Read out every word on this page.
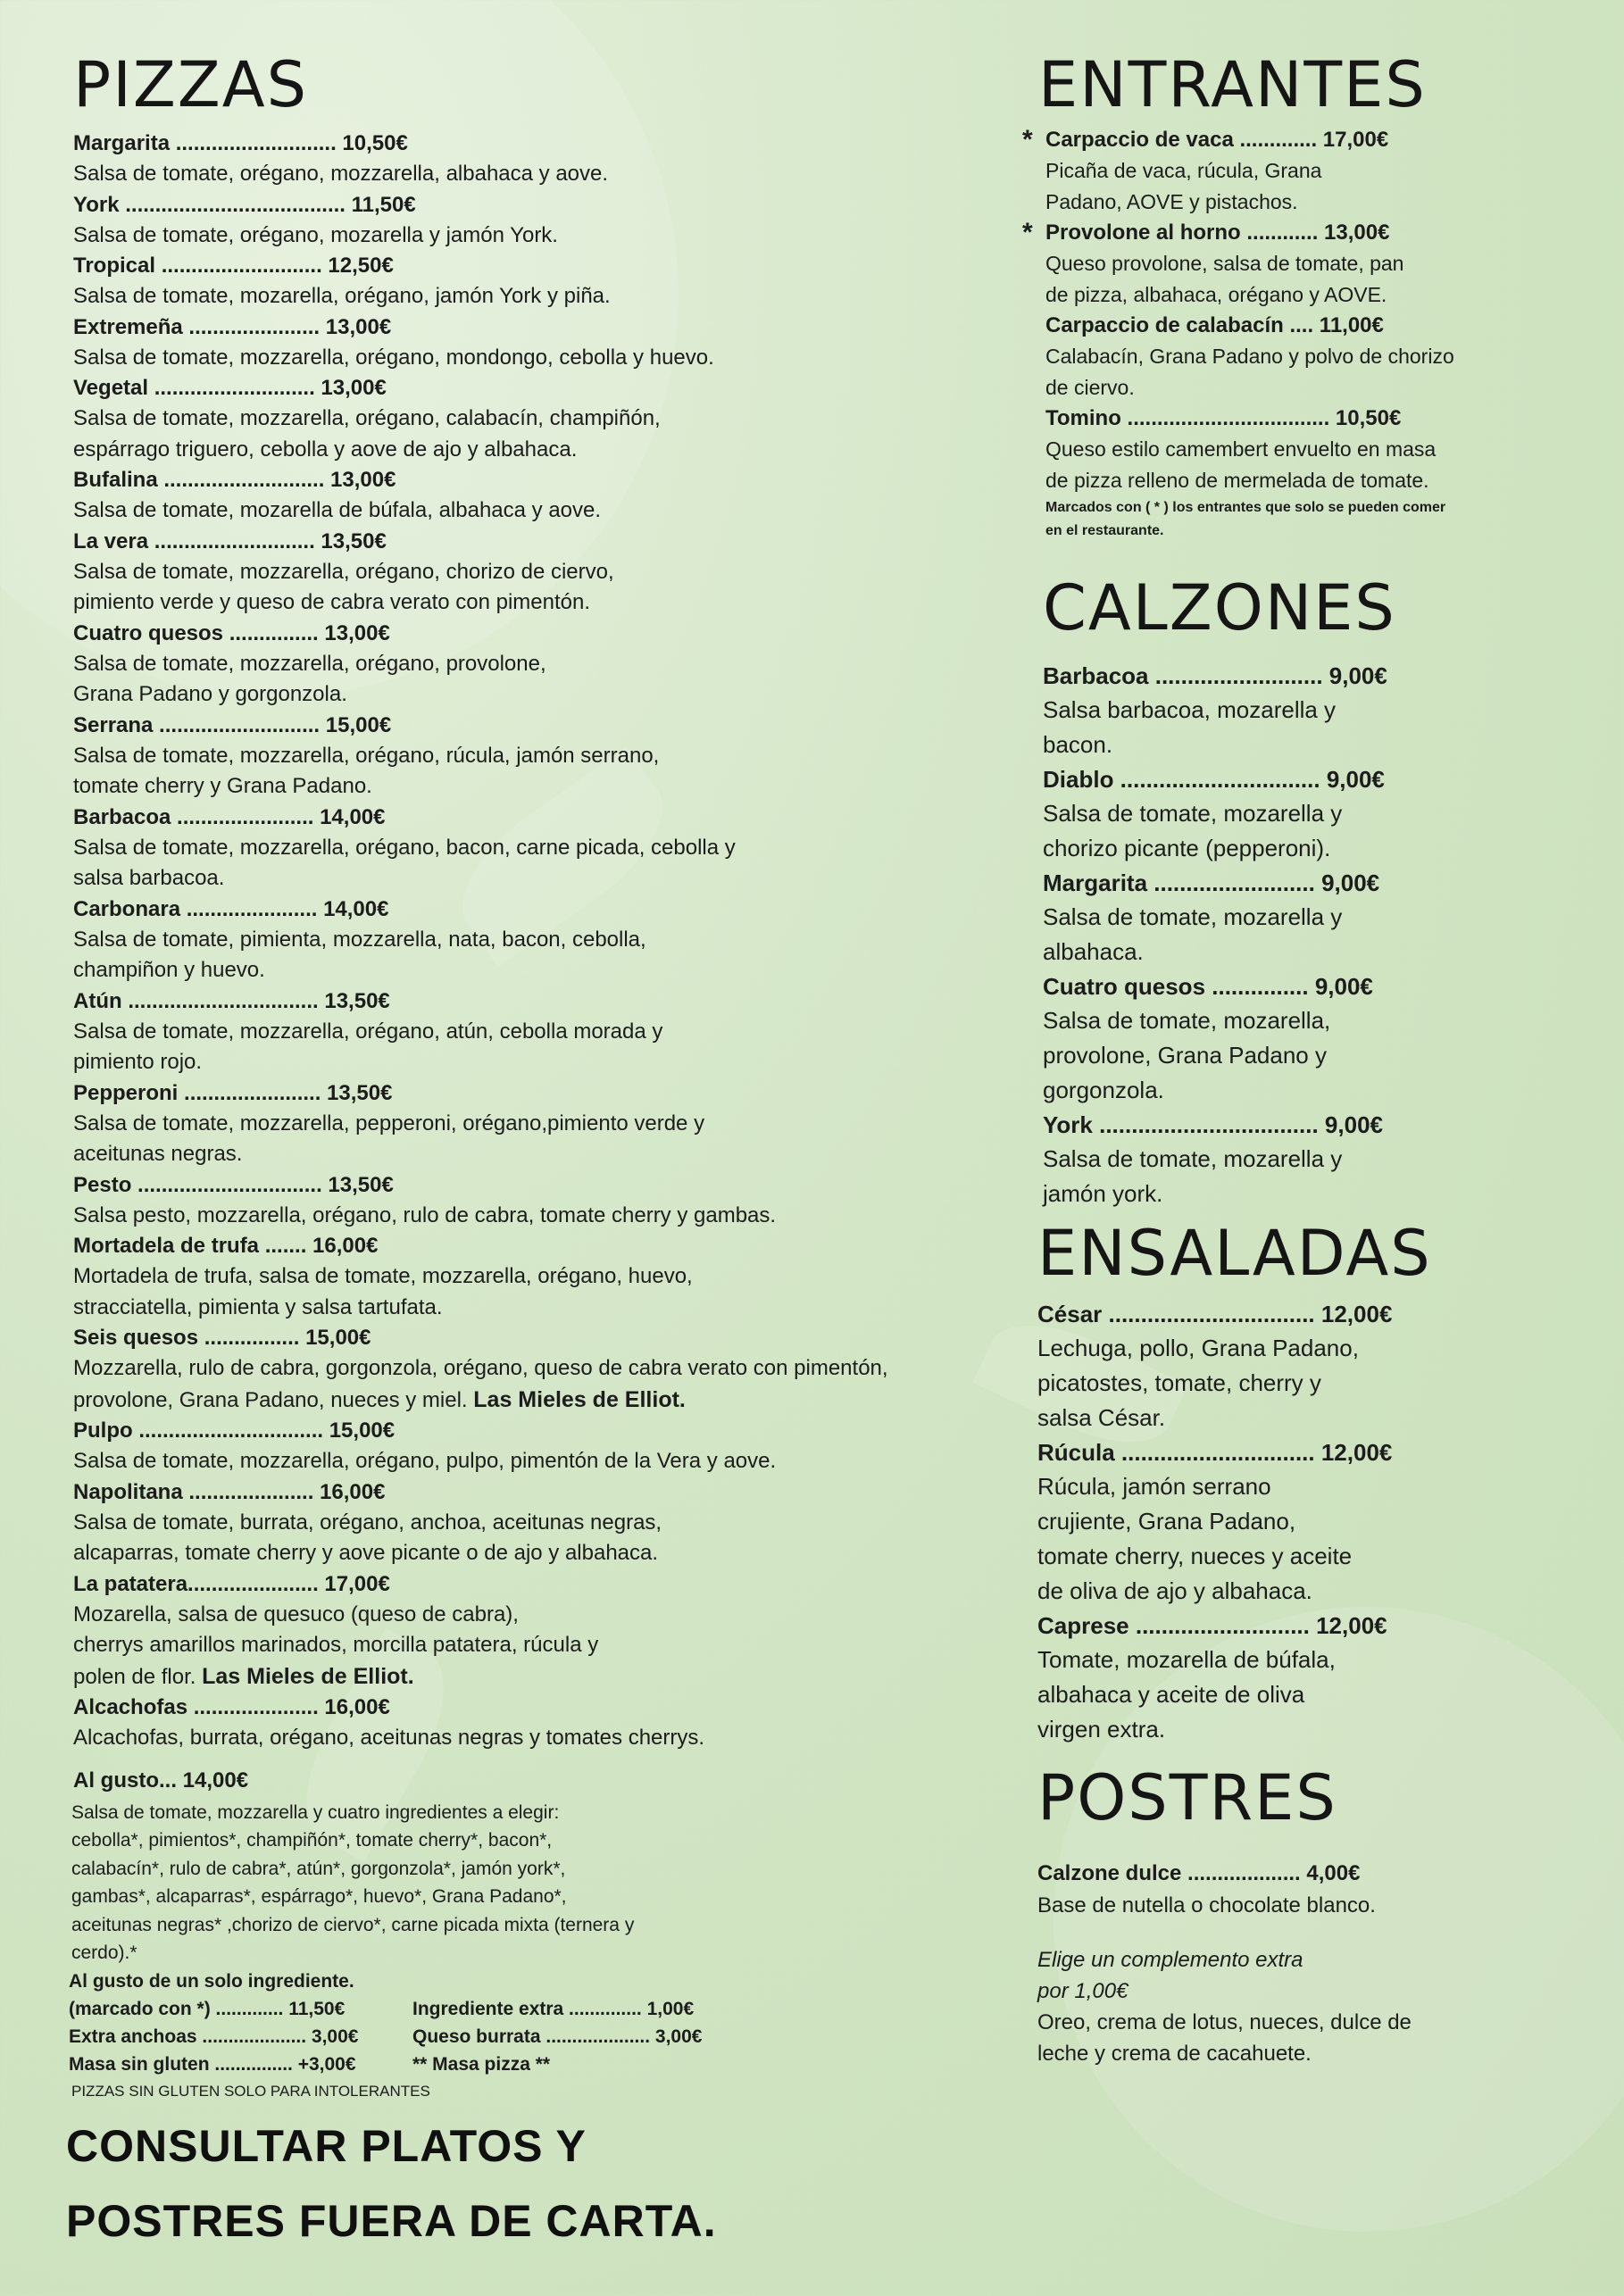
PIZZAS
Margarita ........................... 10,50€
Salsa de tomate, orégano, mozzarella, albahaca y aove.
York ..................................... 11,50€
Salsa de tomate, orégano, mozarella y jamón York.
Tropical ........................... 12,50€
Salsa de tomate, mozarella, orégano, jamón York y piña.
Extremeña ...................... 13,00€
Salsa de tomate, mozzarella, orégano, mondongo, cebolla y huevo.
Vegetal ........................... 13,00€
Salsa de tomate, mozzarella, orégano, calabacín, champiñón,
espárrago triguero, cebolla y aove de ajo y albahaca.
Bufalina ........................... 13,00€
Salsa de tomate, mozarella de búfala, albahaca y aove.
La vera ........................... 13,50€
Salsa de tomate, mozzarella, orégano, chorizo de ciervo,
pimiento verde y queso de cabra verato con pimentón.
Cuatro quesos ............... 13,00€
Salsa de tomate, mozzarella, orégano, provolone,
Grana Padano y gorgonzola.
Serrana ........................... 15,00€
Salsa de tomate, mozzarella, orégano, rúcula, jamón serrano,
tomate cherry y Grana Padano.
Barbacoa ....................... 14,00€
Salsa de tomate, mozzarella, orégano, bacon, carne picada, cebolla y
salsa barbacoa.
Carbonara ...................... 14,00€
Salsa de tomate, pimienta, mozzarella, nata, bacon, cebolla,
champiñon y huevo.
Atún ................................ 13,50€
Salsa de tomate, mozzarella, orégano, atún, cebolla morada y
pimiento rojo.
Pepperoni ....................... 13,50€
Salsa de tomate, mozzarella, pepperoni, orégano,pimiento verde y
aceitunas negras.
Pesto ............................... 13,50€
Salsa pesto, mozzarella, orégano, rulo de cabra, tomate cherry y gambas.
Mortadela de trufa ....... 16,00€
Mortadela de trufa, salsa de tomate, mozzarella, orégano, huevo,
stracciatella, pimienta y salsa tartufata.
Seis quesos ................ 15,00€
Mozzarella, rulo de cabra, gorgonzola, orégano, queso de cabra verato con pimentón,
provolone, Grana Padano, nueces y miel. Las Mieles de Elliot.
Pulpo ............................... 15,00€
Salsa de tomate, mozzarella, orégano, pulpo, pimentón de la Vera y aove.
Napolitana ..................... 16,00€
Salsa de tomate, burrata, orégano, anchoa, aceitunas negras,
alcaparras, tomate cherry y aove picante o de ajo y albahaca.
La patatera...................... 17,00€
Mozarella, salsa de quesuco (queso de cabra),
cherrys amarillos marinados, morcilla patatera, rúcula y
polen de flor. Las Mieles de Elliot.
Alcachofas ..................... 16,00€
Alcachofas, burrata, orégano, aceitunas negras y tomates cherrys.
Al gusto... 14,00€
Salsa de tomate, mozzarella y cuatro ingredientes a elegir:
cebolla*, pimientos*, champiñón*, tomate cherry*, bacon*,
calabacín*, rulo de cabra*, atún*, gorgonzola*, jamón york*,
gambas*, alcaparras*, espárrago*, huevo*, Grana Padano*,
aceitunas negras* ,chorizo de ciervo*, carne picada mixta (ternera y
cerdo).*
Al gusto de un solo ingrediente.
(marcado con *) ............. 11,50€	Ingrediente extra .............. 1,00€
Extra anchoas .................... 3,00€	Queso burrata .................... 3,00€
Masa sin gluten ............... +3,00€	** Masa pizza **
PIZZAS SIN GLUTEN SOLO PARA INTOLERANTES
CONSULTAR PLATOS Y
POSTRES FUERA DE CARTA.
ENTRANTES
* Carpaccio de vaca ............. 17,00€
Picaña de vaca, rúcula, Grana
Padano, AOVE y pistachos.
* Provolone al horno ............ 13,00€
Queso provolone, salsa de tomate, pan
de pizza, albahaca, orégano y AOVE.
Carpaccio de calabacín .... 11,00€
Calabacín, Grana Padano y polvo de chorizo
de ciervo.
Tomino .................................. 10,50€
Queso estilo camembert envuelto en masa
de pizza relleno de mermelada de tomate.
Marcados con ( * ) los entrantes que solo se pueden comer
en el restaurante.
CALZONES
Barbacoa .......................... 9,00€
Salsa barbacoa, mozarella y
bacon.
Diablo ............................... 9,00€
Salsa de tomate, mozarella y
chorizo picante (pepperoni).
Margarita ......................... 9,00€
Salsa de tomate, mozarella y
albahaca.
Cuatro quesos ............... 9,00€
Salsa de tomate, mozarella,
provolone, Grana Padano y
gorgonzola.
York .................................. 9,00€
Salsa de tomate, mozarella y
jamón york.
ENSALADAS
César ................................ 12,00€
Lechuga, pollo, Grana Padano,
picatostes, tomate, cherry y
salsa César.
Rúcula .............................. 12,00€
Rúcula, jamón serrano
crujiente, Grana Padano,
tomate cherry, nueces y aceite
de oliva de ajo y albahaca.
Caprese ........................... 12,00€
Tomate, mozarella de búfala,
albahaca y aceite de oliva
virgen extra.
POSTRES
Calzone dulce ................... 4,00€
Base de nutella o chocolate blanco.
Elige un complemento extra
por 1,00€
Oreo, crema de lotus, nueces, dulce de
leche y crema de cacahuete.
